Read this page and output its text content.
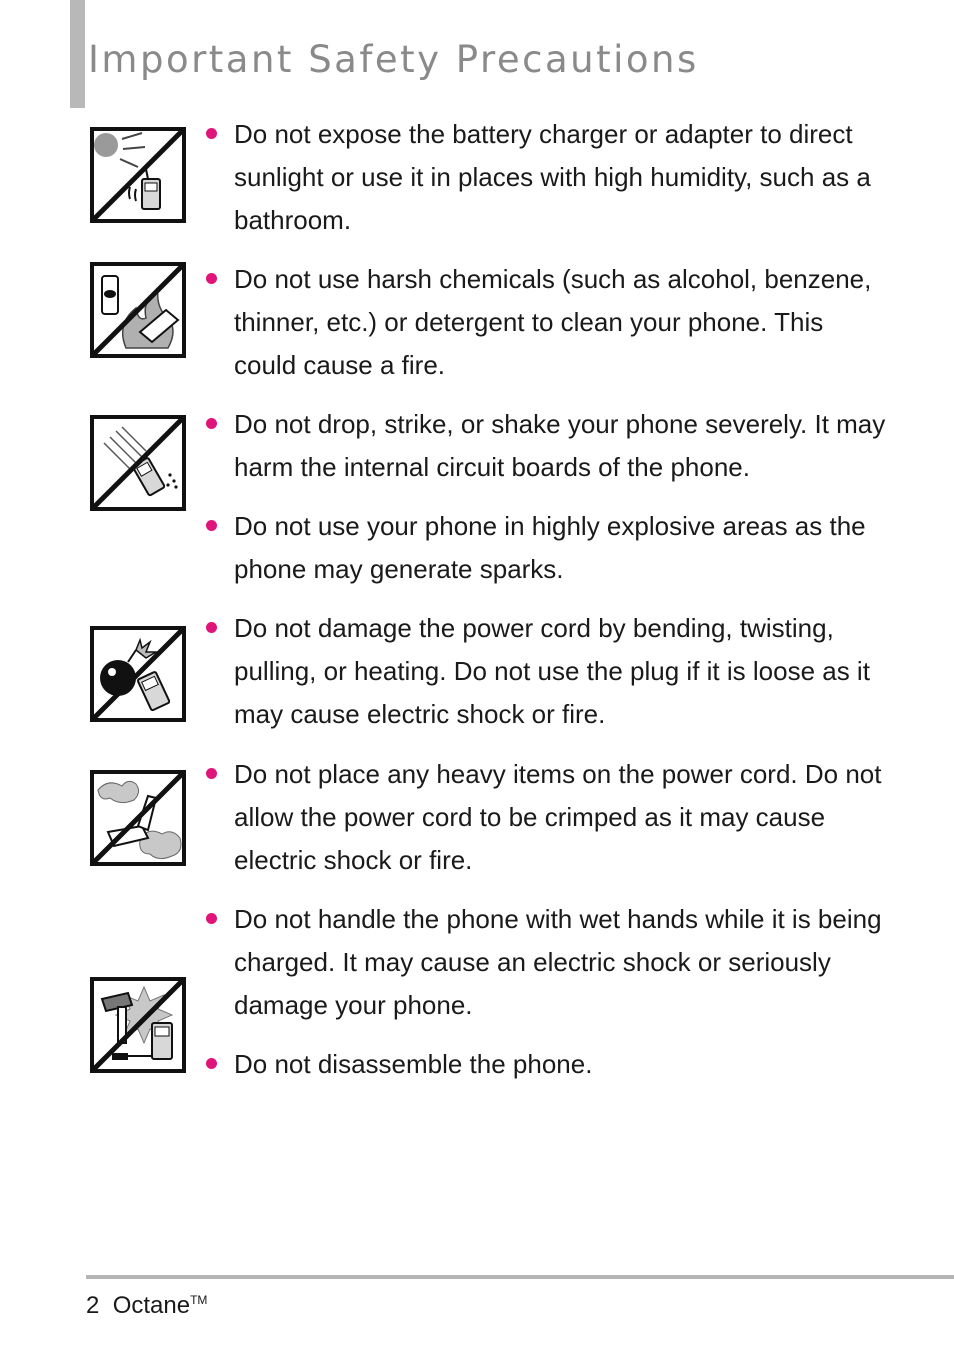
Important Safety Precautions
Do not expose the battery charger or adapter to direct sunlight or use it in places with high humidity, such as a bathroom.
Do not use harsh chemicals (such as alcohol, benzene, thinner, etc.) or detergent to clean your phone. This could cause a fire.
Do not drop, strike, or shake your phone severely. It may harm the internal circuit boards of the phone.
Do not use your phone in highly explosive areas as the phone may generate sparks.
Do not damage the power cord by bending, twisting, pulling, or heating. Do not use the plug if it is loose as it may cause electric shock or fire.
Do not place any heavy items on the power cord. Do not allow the power cord to be crimped as it may cause electric shock or fire.
Do not handle the phone with wet hands while it is being charged. It may cause an electric shock or seriously damage your phone.
Do not disassemble the phone.
2 Octane™
